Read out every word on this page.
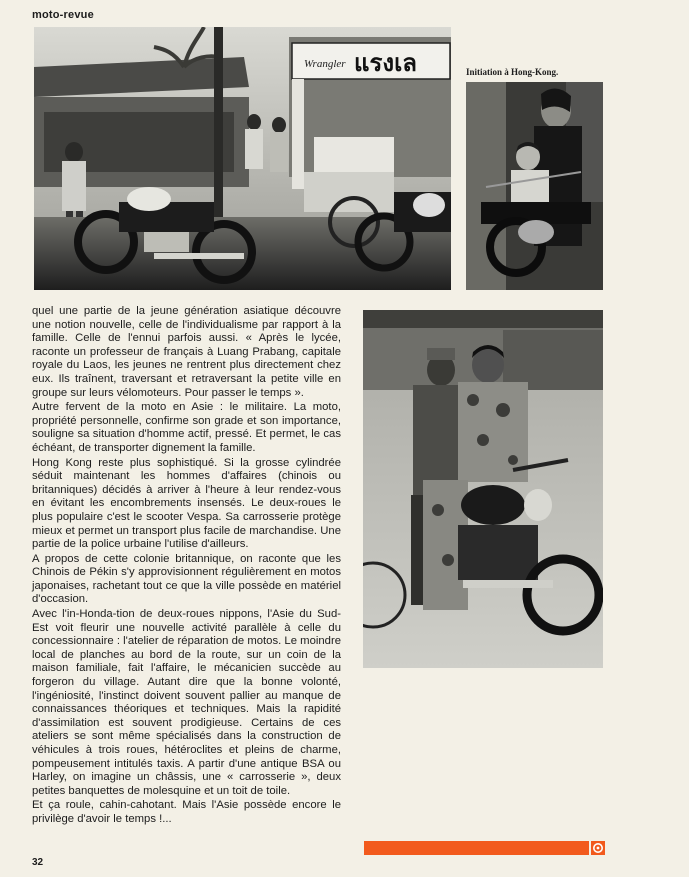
moto-revue
Wrangler แรงเล	Initiation à Hong-Kong.

quel une partie de la jeune génération asiatique découvre une notion nouvelle, celle de l'individualisme par rapport à la famille. Celle de l'ennui parfois aussi. « Après le lycée, raconte un professeur de français à Luang Prabang, capitale royale du Laos, les jeunes ne rentrent plus directement chez eux. Ils traînent, traversant et retraversant la petite ville en groupe sur leurs vélomoteurs. Pour passer le temps ».

Autre fervent de la moto en Asie : le militaire. La moto, propriété personnelle, confirme son grade et son importance, souligne sa situation d'homme actif, pressé. Et permet, le cas échéant, de transporter dignement la famille.

Hong Kong reste plus sophistiqué. Si la grosse cylindrée séduit maintenant les hommes d'affaires (chinois ou britanniques) décidés à arriver à l'heure à leur rendez-vous en évitant les encombrements insensés. Le deux-roues le plus populaire c'est le scooter Vespa. Sa carrosserie protège mieux et permet un transport plus facile de marchandise. Une partie de la police urbaine l'utilise d'ailleurs.

A propos de cette colonie britannique, on raconte que les Chinois de Pékin s'y approvisionnent régulièrement en motos japonaises, rachetant tout ce que la ville possède en matériel d'occasion.

Avec l'in-Honda-tion de deux-roues nippons, l'Asie du Sud-Est voit fleurir une nouvelle activité parallèle à celle du concessionnaire : l'atelier de réparation de motos. Le moindre local de planches au bord de la route, sur un coin de la maison familiale, fait l'affaire, le mécanicien succède au forgeron du village. Autant dire que la bonne volonté, l'ingéniosité, l'instinct doivent souvent pallier au manque de connaissances théoriques et techniques. Mais la rapidité d'assimilation est souvent prodigieuse. Certains de ces ateliers se sont même spécialisés dans la construction de véhicules à trois roues, hétéroclites et pleins de charme, pompeusement intitulés taxis. A partir d'une antique BSA ou Harley, on imagine un châssis, une « carrosserie », deux petites banquettes de molesquine et un toit de toile.

Et ça roule, cahin-cahotant. Mais l'Asie possède encore le privilège d'avoir le temps !...

32
